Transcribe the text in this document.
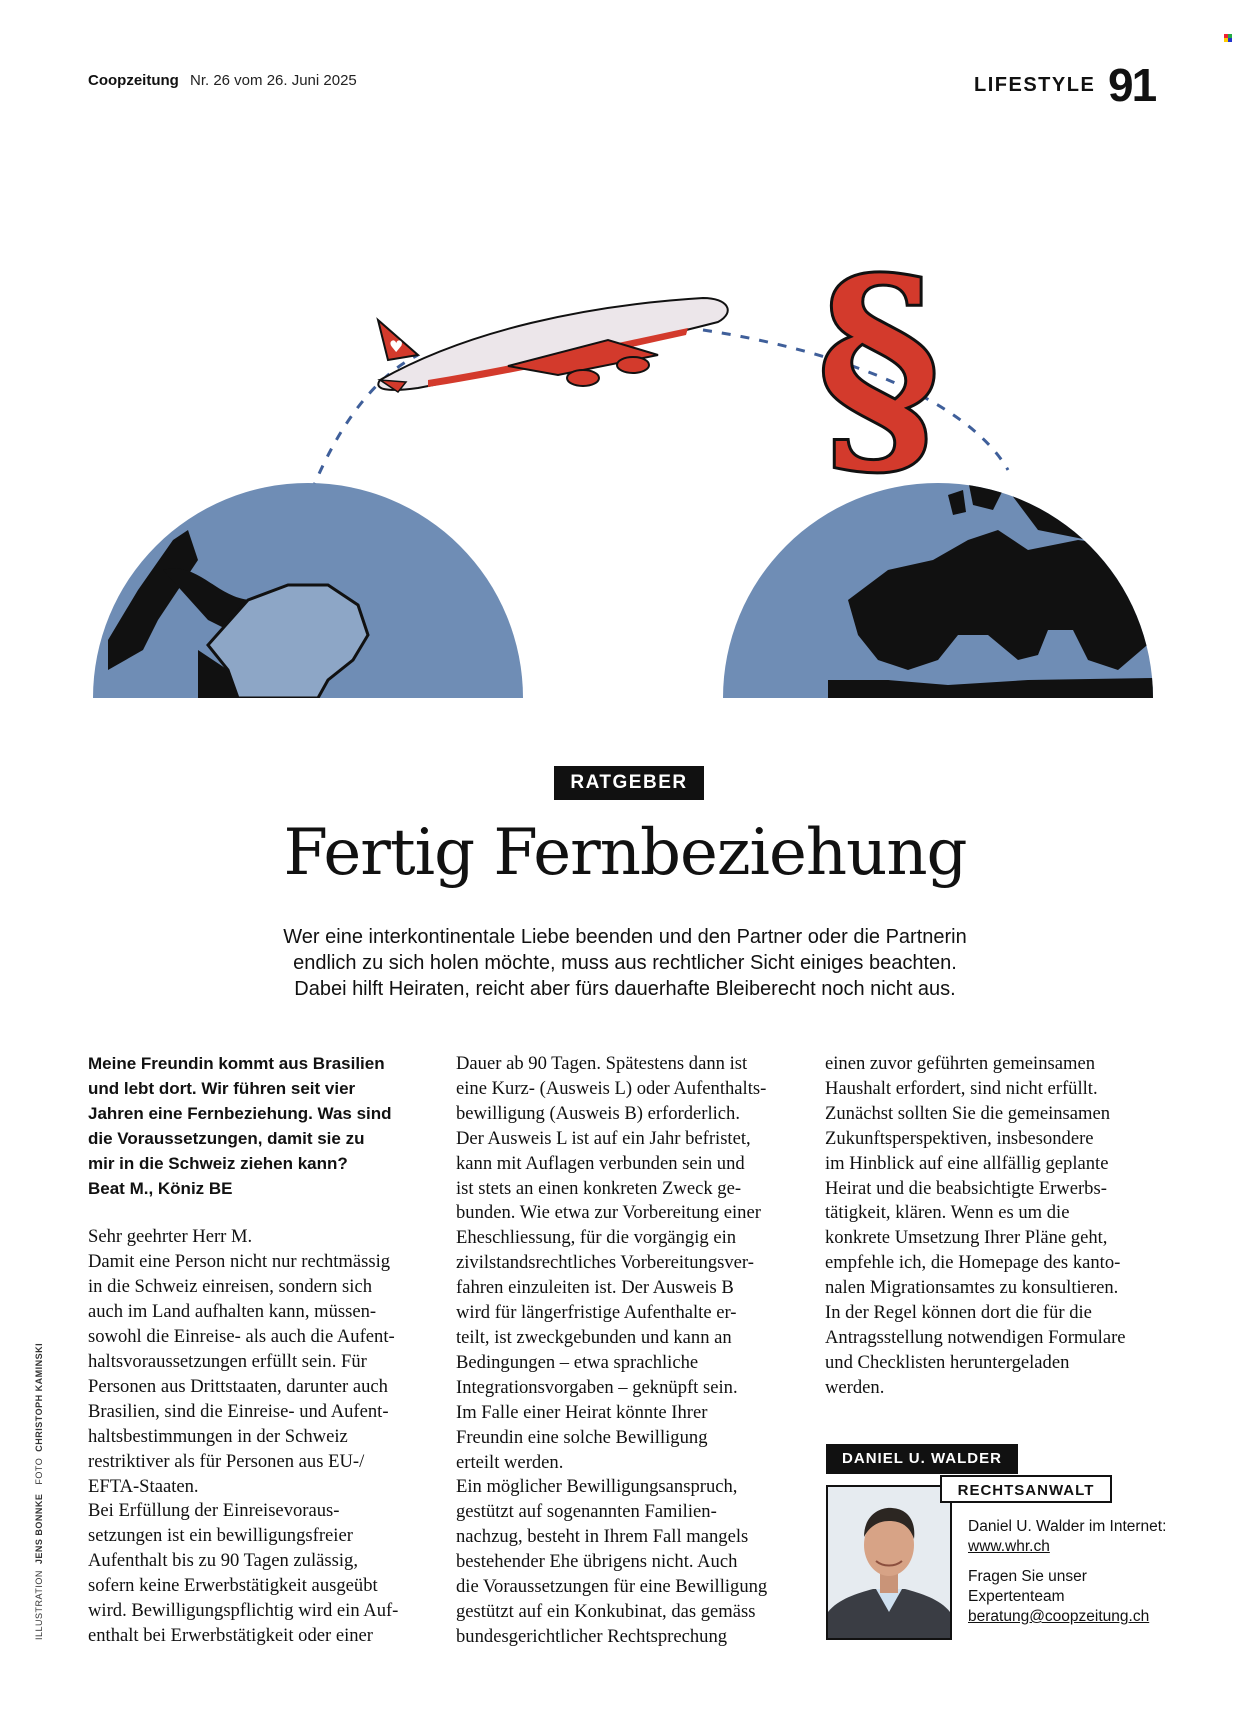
Coopzeitung Nr. 26 vom 26. Juni 2025	LIFESTYLE 91
♥ §
RATGEBER
Fertig Fernbeziehung
Wer eine interkontinentale Liebe beenden und den Partner oder die Partnerin
endlich zu sich holen möchte, muss aus rechtlicher Sicht einiges beachten.
Dabei hilft Heiraten, reicht aber fürs dauerhafte Bleiberecht noch nicht aus.

Meine Freundin kommt aus Brasilien
und lebt dort. Wir führen seit vier
Jahren eine Fernbeziehung. Was sind
die Voraussetzungen, damit sie zu
mir in die Schweiz ziehen kann?
Beat M., Köniz BE

Sehr geehrter Herr M.
Damit eine Person nicht nur rechtmässig
in die Schweiz einreisen, sondern sich
auch im Land aufhalten kann, müssen-
sowohl die Einreise- als auch die Aufent-
haltsvoraussetzungen erfüllt sein. Für
Personen aus Drittstaaten, darunter auch
Brasilien, sind die Einreise- und Aufent-
haltsbestimmungen in der Schweiz
restriktiver als für Personen aus EU-/
EFTA-Staaten.
Bei Erfüllung der Einreisevoraus-
setzungen ist ein bewilligungsfreier
Aufenthalt bis zu 90 Tagen zulässig,
sofern keine Erwerbstätigkeit ausgeübt
wird. Bewilligungspflichtig wird ein Auf-
enthalt bei Erwerbstätigkeit oder einer

Dauer ab 90 Tagen. Spätestens dann ist
eine Kurz- (Ausweis L) oder Aufenthalts-
bewilligung (Ausweis B) erforderlich.
Der Ausweis L ist auf ein Jahr befristet,
kann mit Auflagen verbunden sein und
ist stets an einen konkreten Zweck ge-
bunden. Wie etwa zur Vorbereitung einer
Eheschliessung, für die vorgängig ein
zivilstandsrechtliches Vorbereitungsver-
fahren einzuleiten ist. Der Ausweis B
wird für längerfristige Aufenthalte er-
teilt, ist zweckgebunden und kann an
Bedingungen – etwa sprachliche
Integrationsvorgaben – geknüpft sein.
Im Falle einer Heirat könnte Ihrer
Freundin eine solche Bewilligung
erteilt werden.
Ein möglicher Bewilligungsanspruch,
gestützt auf sogenannten Familien-
nachzug, besteht in Ihrem Fall mangels
bestehender Ehe übrigens nicht. Auch
die Voraussetzungen für eine Bewilligung
gestützt auf ein Konkubinat, das gemäss
bundesgerichtlicher Rechtsprechung

einen zuvor geführten gemeinsamen
Haushalt erfordert, sind nicht erfüllt.
Zunächst sollten Sie die gemeinsamen
Zukunftsperspektiven, insbesondere
im Hinblick auf eine allfällig geplante
Heirat und die beabsichtigte Erwerbs-
tätigkeit, klären. Wenn es um die
konkrete Umsetzung Ihrer Pläne geht,
empfehle ich, die Homepage des kanto-
nalen Migrationsamtes zu konsultieren.
In der Regel können dort die für die
Antragsstellung notwendigen Formulare
und Checklisten heruntergeladen
werden.

DANIEL U. WALDER
RECHTSANWALT

Daniel U. Walder im Internet:
www.whr.ch

Fragen Sie unser
Expertenteam
beratung@coopzeitung.ch

ILLUSTRATION  JENS BONNKE   FOTO  CHRISTOPH KAMINSKI
